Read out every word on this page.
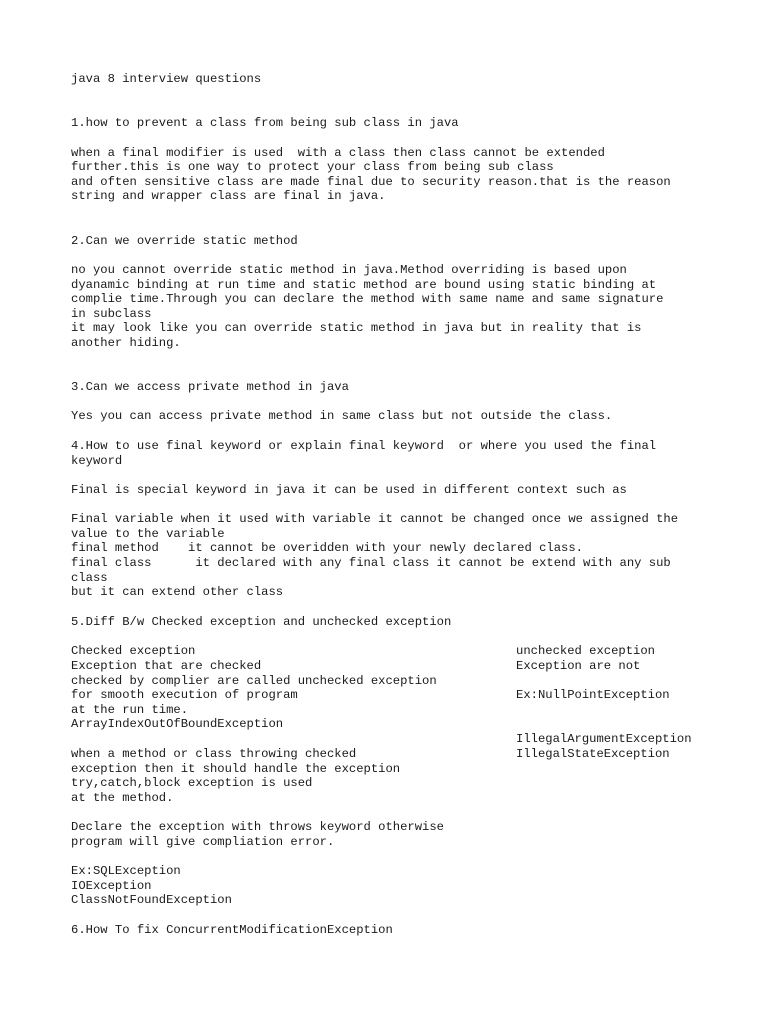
java 8 interview questions

1.how to prevent a class from being sub class in java

when a final modifier is used  with a class then class cannot be extended

further.this is one way to protect your class from being sub class

and often sensitive class are made final due to security reason.that is the reason

string and wrapper class are final in java.

2.Can we override static method

no you cannot override static method in java.Method overriding is based upon

dyanamic binding at run time and static method are bound using static binding at

complie time.Through you can declare the method with same name and same signature

in subclass

it may look like you can override static method in java but in reality that is

another hiding.

3.Can we access private method in java

Yes you can access private method in same class but not outside the class.

4.How to use final keyword or explain final keyword  or where you used the final

keyword

Final is special keyword in java it can be used in different context such as

Final variable when it used with variable it cannot be changed once we assigned the

value to the variable

final method    it cannot be overidden with your newly declared class.

final class      it declared with any final class it cannot be extend with any sub

class

but it can extend other class

5.Diff B/w Checked exception and unchecked exception

Checked exception

Exception that are checked

checked by complier are called unchecked exception

for smooth execution of program

at the run time.

ArrayIndexOutOfBoundException

when a method or class throwing checked

exception then it should handle the exception

try,catch,block exception is used

at the method.

Declare the exception with throws keyword otherwise

program will give compliation error.

Ex:SQLException

IOException

ClassNotFoundException

unchecked exception

Exception are not

Ex:NullPointException

IllegalArgumentException

IllegalStateException

6.How To fix ConcurrentModificationException
